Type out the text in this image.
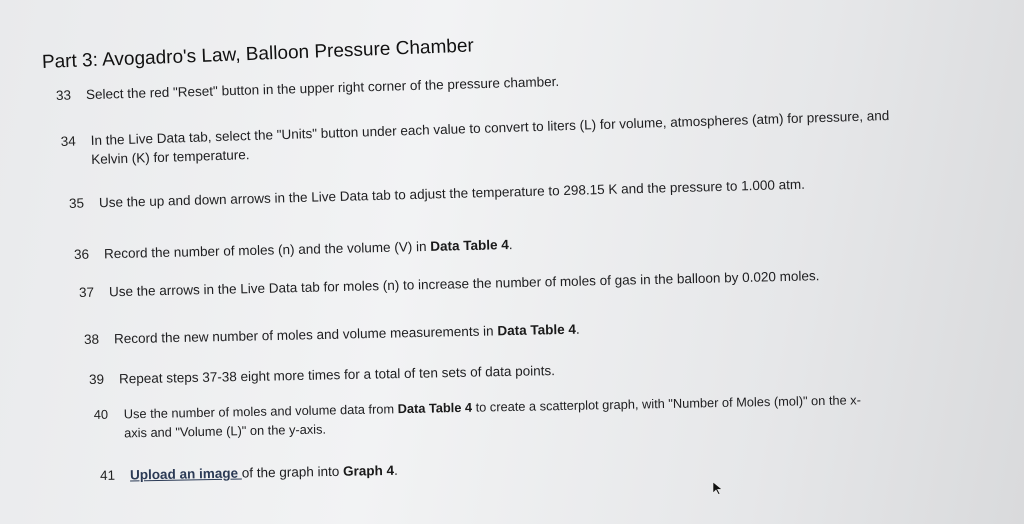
Part 3: Avogadro's Law, Balloon Pressure Chamber
33 Select the red "Reset" button in the upper right corner of the pressure chamber.
34 In the Live Data tab, select the "Units" button under each value to convert to liters (L) for volume, atmospheres (atm) for pressure, and
Kelvin (K) for temperature.
35 Use the up and down arrows in the Live Data tab to adjust the temperature to 298.15 K and the pressure to 1.000 atm.
36 Record the number of moles (n) and the volume (V) in Data Table 4.
37 Use the arrows in the Live Data tab for moles (n) to increase the number of moles of gas in the balloon by 0.020 moles.
38 Record the new number of moles and volume measurements in Data Table 4.
39 Repeat steps 37-38 eight more times for a total of ten sets of data points.
40 Use the number of moles and volume data from Data Table 4 to create a scatterplot graph, with "Number of Moles (mol)" on the x-
axis and "Volume (L)" on the y-axis.
41 Upload an image of the graph into Graph 4.
